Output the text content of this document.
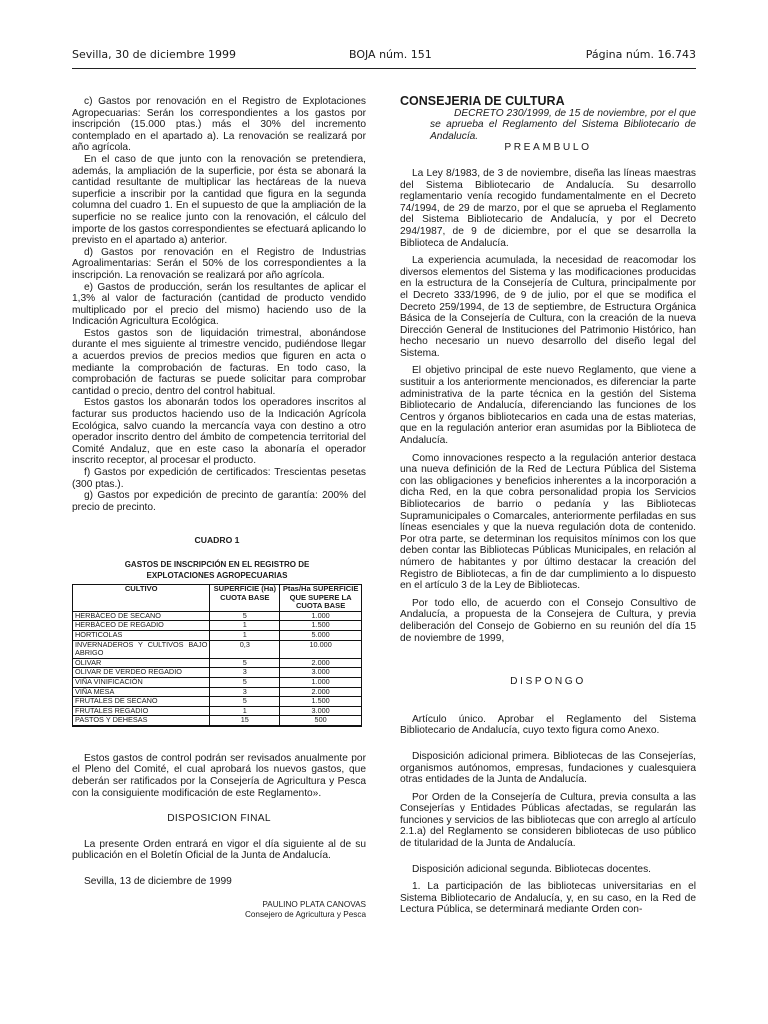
Sevilla, 30 de diciembre 1999	BOJA núm. 151	Página núm. 16.743

c) Gastos por renovación en el Registro de Explotaciones Agropecuarias: Serán los correspondientes a los gastos por inscripción (15.000 ptas.) más el 30% del incremento contemplado en el apartado a). La renovación se realizará por año agrícola.

En el caso de que junto con la renovación se pretendiera, además, la ampliación de la superficie, por ésta se abonará la cantidad resultante de multiplicar las hectáreas de la nueva superficie a inscribir por la cantidad que figura en la segunda columna del cuadro 1. En el supuesto de que la ampliación de la superficie no se realice junto con la renovación, el cálculo del importe de los gastos correspondientes se efectuará aplicando lo previsto en el apartado a) anterior.

d) Gastos por renovación en el Registro de Industrias Agroalimentarias: Serán el 50% de los correspondientes a la inscripción. La renovación se realizará por año agrícola.

e) Gastos de producción, serán los resultantes de aplicar el 1,3% al valor de facturación (cantidad de producto vendido multiplicado por el precio del mismo) haciendo uso de la Indicación Agricultura Ecológica.

Estos gastos son de liquidación trimestral, abonándose durante el mes siguiente al trimestre vencido, pudiéndose llegar a acuerdos previos de precios medios que figuren en acta o mediante la comprobación de facturas. En todo caso, la comprobación de facturas se puede solicitar para comprobar cantidad o precio, dentro del control habitual.

Estos gastos los abonarán todos los operadores inscritos al facturar sus productos haciendo uso de la Indicación Agrícola Ecológica, salvo cuando la mercancía vaya con destino a otro operador inscrito dentro del ámbito de competencia territorial del Comité Andaluz, que en este caso la abonaría el operador inscrito receptor, al procesar el producto.

f) Gastos por expedición de certificados: Trescientas pesetas (300 ptas.).

g) Gastos por expedición de precinto de garantía: 200% del precio de precinto.

CUADRO 1
GASTOS DE INSCRIPCIÓN EN EL REGISTRO DE
EXPLOTACIONES AGROPECUARIAS
CULTIVO	SUPERFICIE (Ha) CUOTA BASE	Ptas/Ha SUPERFICIE QUE SUPERE LA CUOTA BASE
HERBÁCEO DE SECANO	5	1.000
HERBÁCEO DE REGADIO	1	1.500
HORTICOLAS	1	5.000
INVERNADEROS Y CULTIVOS BAJO ABRIGO	0,3	10.000
OLIVAR	5	2.000
OLIVAR DE VERDEO REGADIO	3	3.000
VIÑA VINIFICACIÓN	5	1.000
VIÑA MESA	3	2.000
FRUTALES DE SECANO	5	1.500
FRUTALES REGADIO	1	3.000
PASTOS Y DEHESAS	15	500

Estos gastos de control podrán ser revisados anualmente por el Pleno del Comité, el cual aprobará los nuevos gastos, que deberán ser ratificados por la Consejería de Agricultura y Pesca con la consiguiente modificación de este Reglamento».

DISPOSICION FINAL

La presente Orden entrará en vigor el día siguiente al de su publicación en el Boletín Oficial de la Junta de Andalucía.

Sevilla, 13 de diciembre de 1999

PAULINO PLATA CANOVAS

Consejero de Agricultura y Pesca

CONSEJERIA DE CULTURA

DECRETO 230/1999, de 15 de noviembre, por el que se aprueba el Reglamento del Sistema Bibliotecario de Andalucía.

PREAMBULO

La Ley 8/1983, de 3 de noviembre, diseña las líneas maestras del Sistema Bibliotecario de Andalucía. Su desarrollo reglamentario venía recogido fundamentalmente en el Decreto 74/1994, de 29 de marzo, por el que se aprueba el Reglamento del Sistema Bibliotecario de Andalucía, y por el Decreto 294/1987, de 9 de diciembre, por el que se desarrolla la Biblioteca de Andalucía.

La experiencia acumulada, la necesidad de reacomodar los diversos elementos del Sistema y las modificaciones producidas en la estructura de la Consejería de Cultura, principalmente por el Decreto 333/1996, de 9 de julio, por el que se modifica el Decreto 259/1994, de 13 de septiembre, de Estructura Orgánica Básica de la Consejería de Cultura, con la creación de la nueva Dirección General de Instituciones del Patrimonio Histórico, han hecho necesario un nuevo desarrollo del diseño legal del Sistema.

El objetivo principal de este nuevo Reglamento, que viene a sustituir a los anteriormente mencionados, es diferenciar la parte administrativa de la parte técnica en la gestión del Sistema Bibliotecario de Andalucía, diferenciando las funciones de los Centros y órganos bibliotecarios en cada una de estas materias, que en la regulación anterior eran asumidas por la Biblioteca de Andalucía.

Como innovaciones respecto a la regulación anterior destaca una nueva definición de la Red de Lectura Pública del Sistema con las obligaciones y beneficios inherentes a la incorporación a dicha Red, en la que cobra personalidad propia los Servicios Bibliotecarios de barrio o pedanía y las Bibliotecas Supramunicipales o Comarcales, anteriormente perfiladas en sus líneas esenciales y que la nueva regulación dota de contenido. Por otra parte, se determinan los requisitos mínimos con los que deben contar las Bibliotecas Públicas Municipales, en relación al número de habitantes y por último destacar la creación del Registro de Bibliotecas, a fin de dar cumplimiento a lo dispuesto en el artículo 3 de la Ley de Bibliotecas.

Por todo ello, de acuerdo con el Consejo Consultivo de Andalucía, a propuesta de la Consejera de Cultura, y previa deliberación del Consejo de Gobierno en su reunión del día 15 de noviembre de 1999,

DISPONGO

Artículo único. Aprobar el Reglamento del Sistema Bibliotecario de Andalucía, cuyo texto figura como Anexo.

Disposición adicional primera. Bibliotecas de las Consejerías, organismos autónomos, empresas, fundaciones y cualesquiera otras entidades de la Junta de Andalucía.

Por Orden de la Consejería de Cultura, previa consulta a las Consejerías y Entidades Públicas afectadas, se regularán las funciones y servicios de las bibliotecas que con arreglo al artículo 2.1.a) del Reglamento se consideren bibliotecas de uso público de titularidad de la Junta de Andalucía.

Disposición adicional segunda. Bibliotecas docentes.

1. La participación de las bibliotecas universitarias en el Sistema Bibliotecario de Andalucía, y, en su caso, en la Red de Lectura Pública, se determinará mediante Orden con-
